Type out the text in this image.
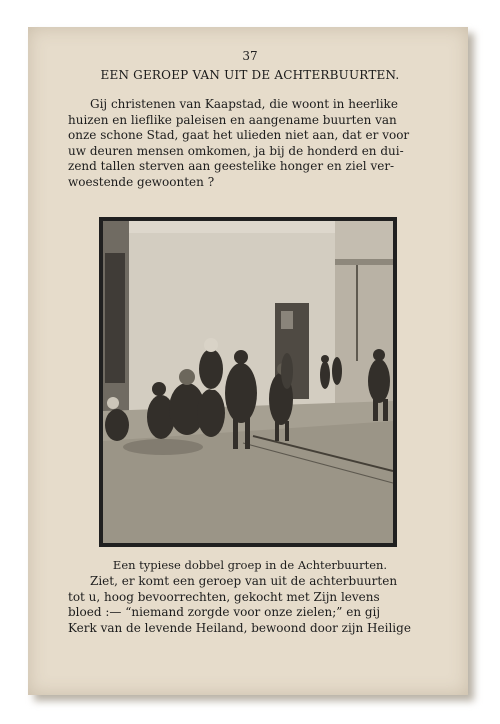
37
EEN GEROEP VAN UIT DE ACHTERBUURTEN.
Gij christenen van Kaapstad, die woont in heerlike
huizen en lieflike paleisen en aangename buurten van
onze schone Stad, gaat het ulieden niet aan, dat er voor
uw deuren mensen omkomen, ja bij de honderd en dui-
zend tallen sterven aan geestelike honger en ziel ver-
woestende gewoonten ?
Een typiese dobbel groep in de Achterbuurten.
Ziet, er komt een geroep van uit de achterbuurten
tot u, hoog bevoorrechten, gekocht met Zijn levens
bloed :— “niemand zorgde voor onze zielen;” en gij
Kerk van de levende Heiland, bewoond door zijn Heilige
